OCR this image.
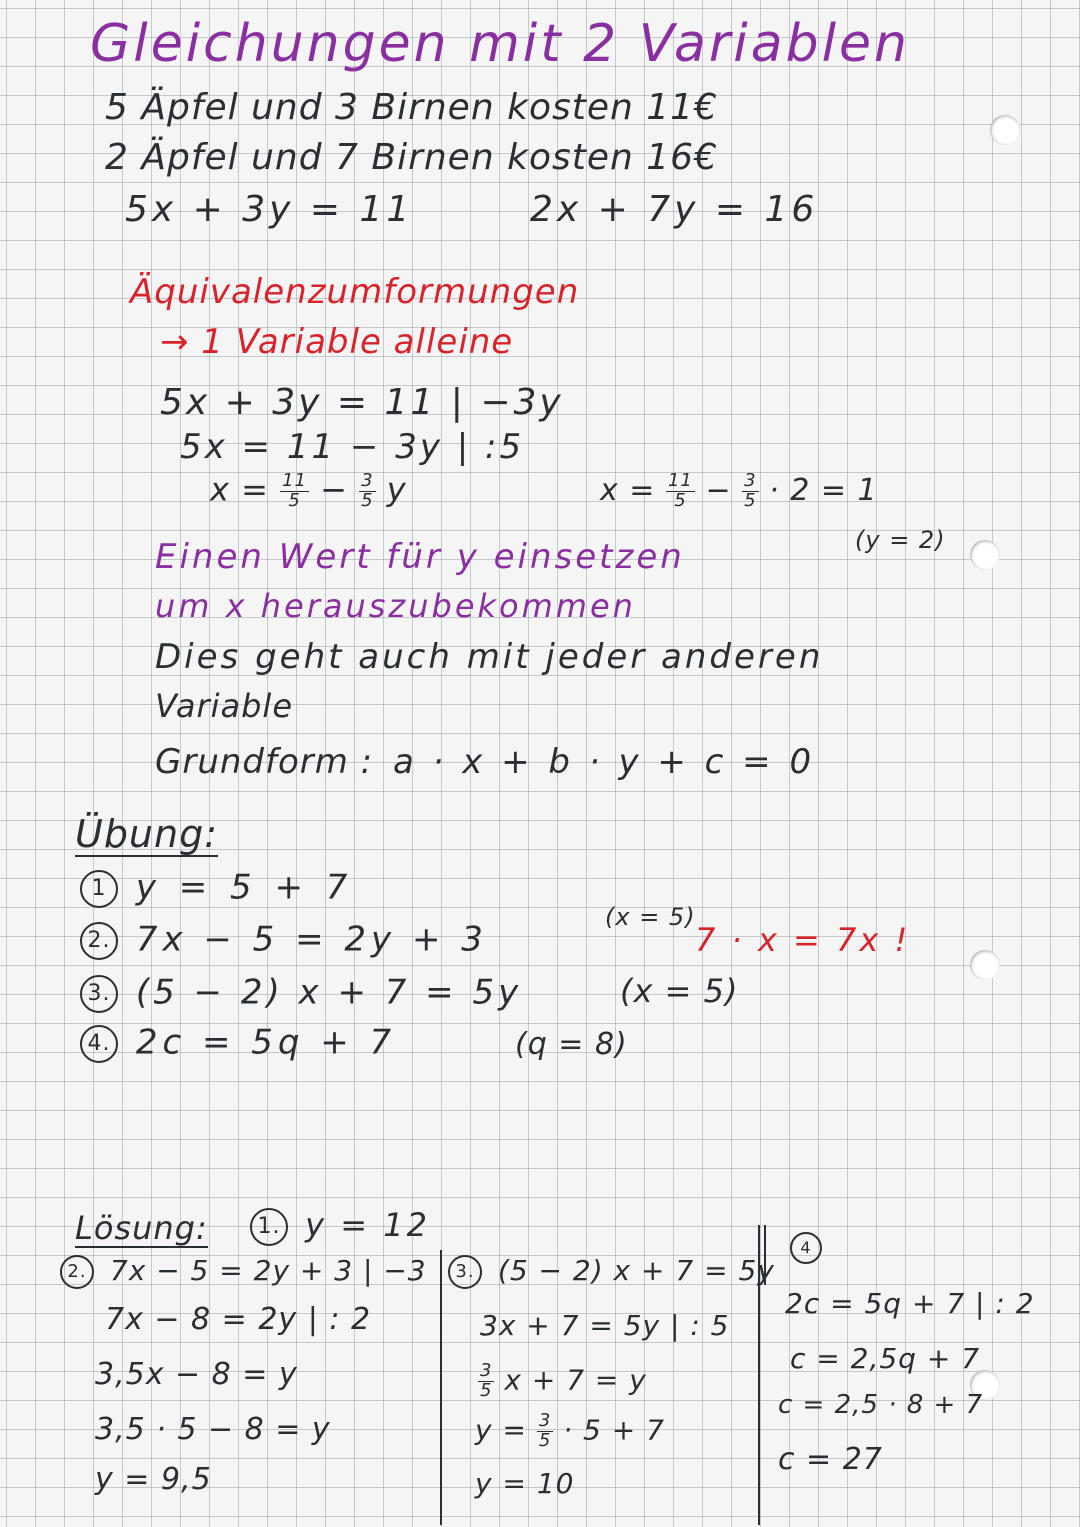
Gleichungen mit 2 Variablen
5 Äpfel und 3 Birnen kosten 11€
2 Äpfel und 7 Birnen kosten 16€
5x + 3y = 11	2x + 7y = 16
Äquivalenzumformungen
→ 1 Variable alleine
5x + 3y = 11 | −3y
5x = 11 − 3y | :5
$x = \frac{11}{5} - \frac{3}{5}$ y	$x = \frac{11}{5} - \frac{3}{5} \cdot 2 = 1$
(y = 2)
Einen Wert für y einsetzen
um x herauszubekommen
Dies geht auch mit jeder anderen
Variable
Grundform : a · x + b · y + c = 0
Übung:
1 y = 5 + 7
2. 7x − 5 = 2y + 3
(x = 5)
7 · x = 7x !
3. (5 − 2) x + 7 = 5y	(x = 5)
4. 2c = 5q + 7	(q = 8)
Lösung:	1. y = 12
2. 7x − 5 = 2y + 3 | −3
7x − 8 = 2y | : 2
3,5x − 8 = y
3,5 · 5 − 8 = y
y = 9,5
3. (5 − 2) x + 7 = 5y
3x + 7 = 5y | : 5
$\frac{3}{5}$ x + 7 = y
$y = \frac{3}{5} \cdot 5 + 7$
y = 10
4
2c = 5q + 7 | : 2
c = 2,5q + 7
c = 2,5 · 8 + 7
c = 27
